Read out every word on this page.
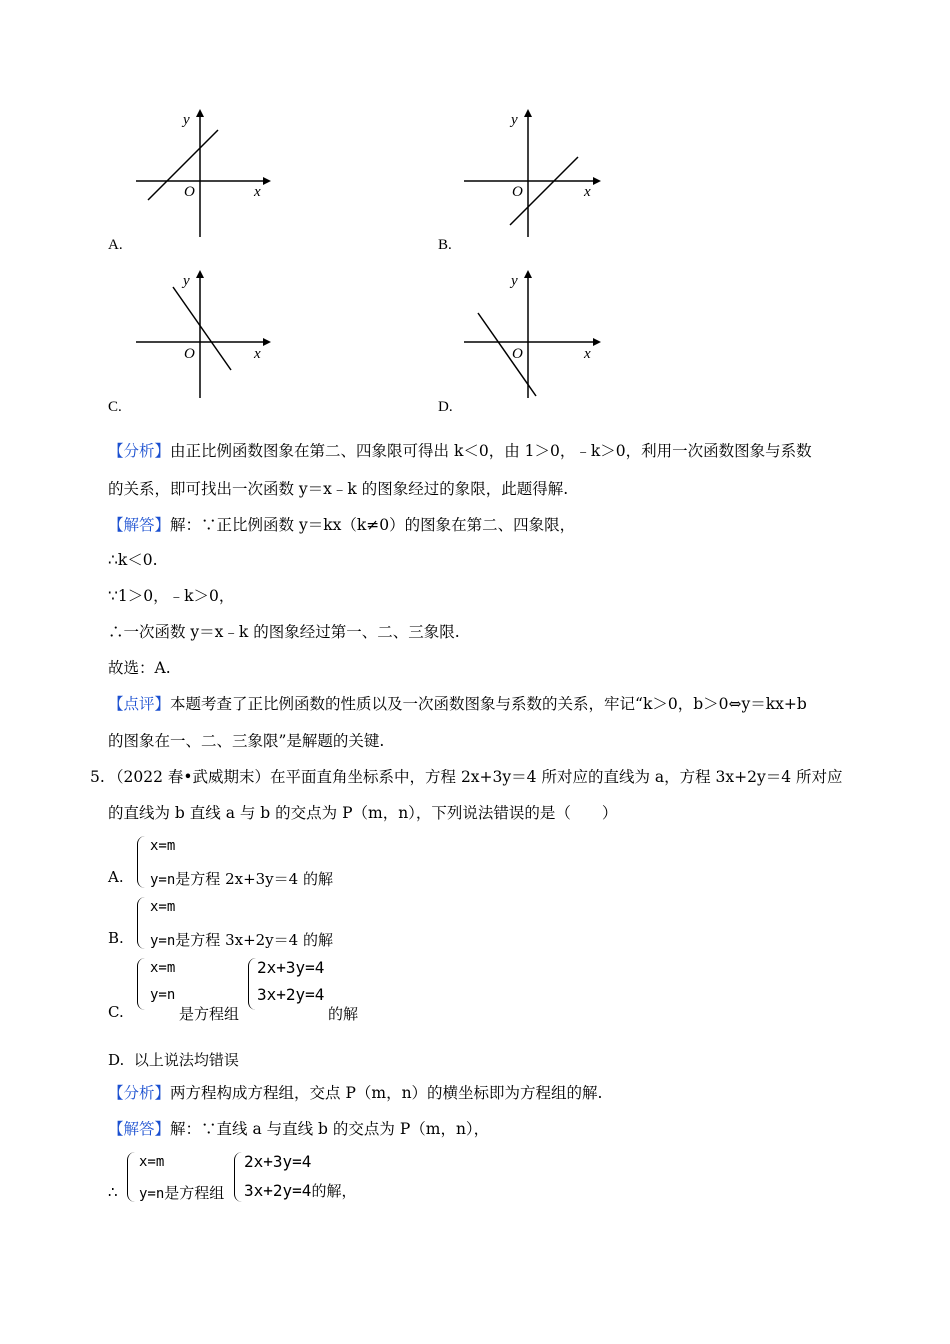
y
O	x
y
O	x
y
O	x
y
O	x
A.	B.
C.	D.
【分析】由正比例函数图象在第二、四象限可得出 k＜0，由 1＞0，﹣k＞0，利用一次函数图象与系数
的关系，即可找出一次函数 y＝x﹣k 的图象经过的象限，此题得解.
【解答】解：∵正比例函数 y＝kx（k≠0）的图象在第二、四象限，
∴k＜0.
∵1＞0，﹣k＞0，
∴一次函数 y＝x﹣k 的图象经过第一、二、三象限.
故选：A.
【点评】本题考查了正比例函数的性质以及一次函数图象与系数的关系，牢记“k＞0，b＞0⇔y＝kx+b
的图象在一、二、三象限”是解题的关键.
5. （2022 春•武威期末）在平面直角坐标系中，方程 2x+3y＝4 所对应的直线为 a，方程 3x+2y＝4 所对应
的直线为 b 直线 a 与 b 的交点为 P（m，n），下列说法错误的是（　　）
x=m
A. y=n是方程 2x+3y＝4 的解
x=m
B. y=n是方程 3x+2y＝4 的解
x=m
y=n
C.	是方程组
2x+3y=4
3x+2y=4
的解
D. 以上说法均错误
【分析】两方程构成方程组，交点 P（m，n）的横坐标即为方程组的解.
【解答】解：∵直线 a 与直线 b 的交点为 P（m，n），
∴
x=m
y=n是方程组
2x+3y=4
3x+2y=4的解，
